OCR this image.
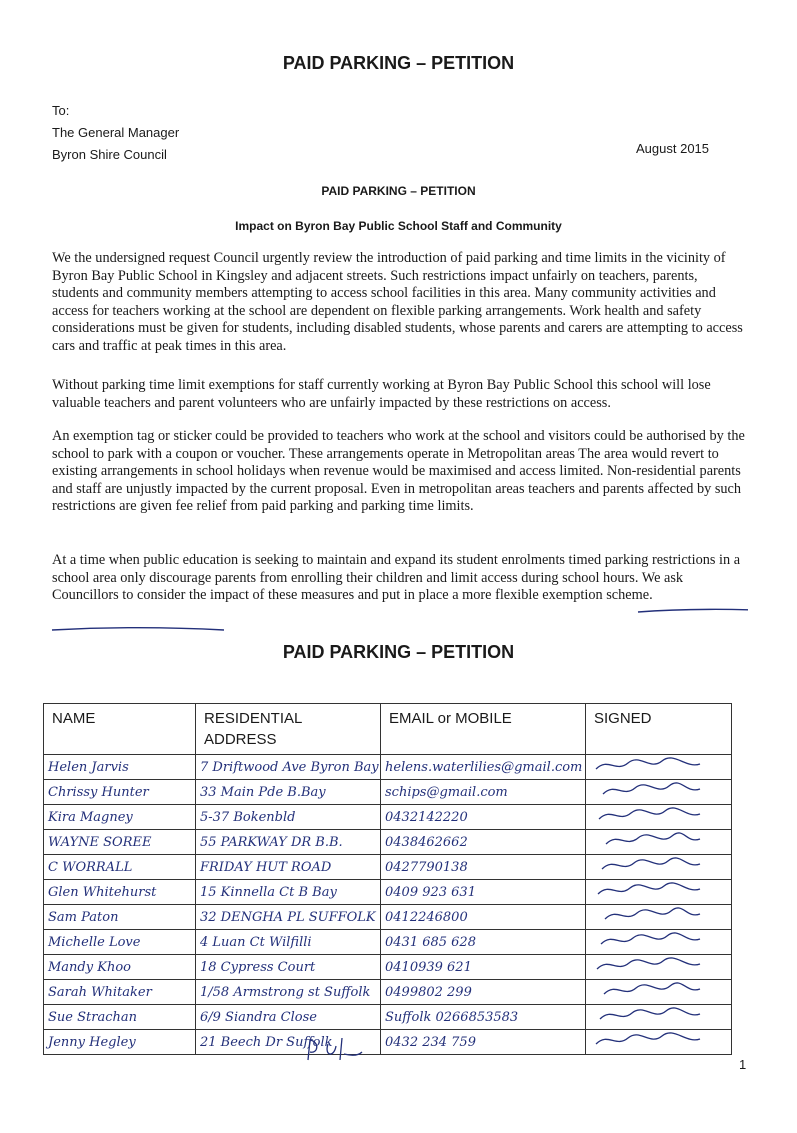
PAID PARKING – PETITION
To:
The General Manager
Byron Shire Council	August 2015
PAID PARKING – PETITION
Impact on Byron Bay Public School Staff and Community
We the undersigned request Council urgently review the introduction of paid parking and time limits in the vicinity of Byron Bay Public School in Kingsley and adjacent streets. Such restrictions impact unfairly on teachers, parents, students and community members attempting to access school facilities in this area. Many community activities and access for teachers working at the school are dependent on flexible parking arrangements. Work health and safety considerations must be given for students, including disabled students, whose parents and carers are attempting to access cars and traffic at peak times in this area.
Without parking time limit exemptions for staff currently working at Byron Bay Public School this school will lose valuable teachers and parent volunteers who are unfairly impacted by these restrictions on access.
An exemption tag or sticker could be provided to teachers who work at the school and visitors could be authorised by the school to park with a coupon or voucher. These arrangements operate in Metropolitan areas The area would revert to existing arrangements in school holidays when revenue would be maximised and access limited. Non-residential parents and staff are unjustly impacted by the current proposal. Even in metropolitan areas teachers and parents affected by such restrictions are given fee relief from paid parking and parking time limits.
At a time when public education is seeking to maintain and expand its student enrolments timed parking restrictions in a school area only discourage parents from enrolling their children and limit access during school hours. We ask Councillors to consider the impact of these measures and put in place a more flexible exemption scheme.
PAID PARKING – PETITION
NAME	RESIDENTIAL ADDRESS	EMAIL or MOBILE	SIGNED
Helen Jarvis	7 Driftwood Ave Byron Bay	helens.waterlilies@gmail.com	
Chrissy Hunter	33 Main Pde B.Bay	schips@gmail.com	
Kira Magney	5-37 Bokenbld	0432142220	
WAYNE SOREE	55 PARKWAY DR B.B.	0438462662	
C WORRALL	FRIDAY HUT ROAD	0427790138	
Glen Whitehurst	15 Kinnella Ct B Bay	0409 923 631	
Sam Paton	32 DENGHA PL SUFFOLK	0412246800	
Michelle Love	4 Luan Ct Wilfilli	0431 685 628	
Mandy Khoo	18 Cypress Court	0410939 621	
Sarah Whitaker	1/58 Armstrong st Suffolk	0499802 299	
Sue Strachan	6/9 Siandra Close	Suffolk 0266853583	
Jenny Hegley	21 Beech Dr Suffolk	0432 234 759	
1
